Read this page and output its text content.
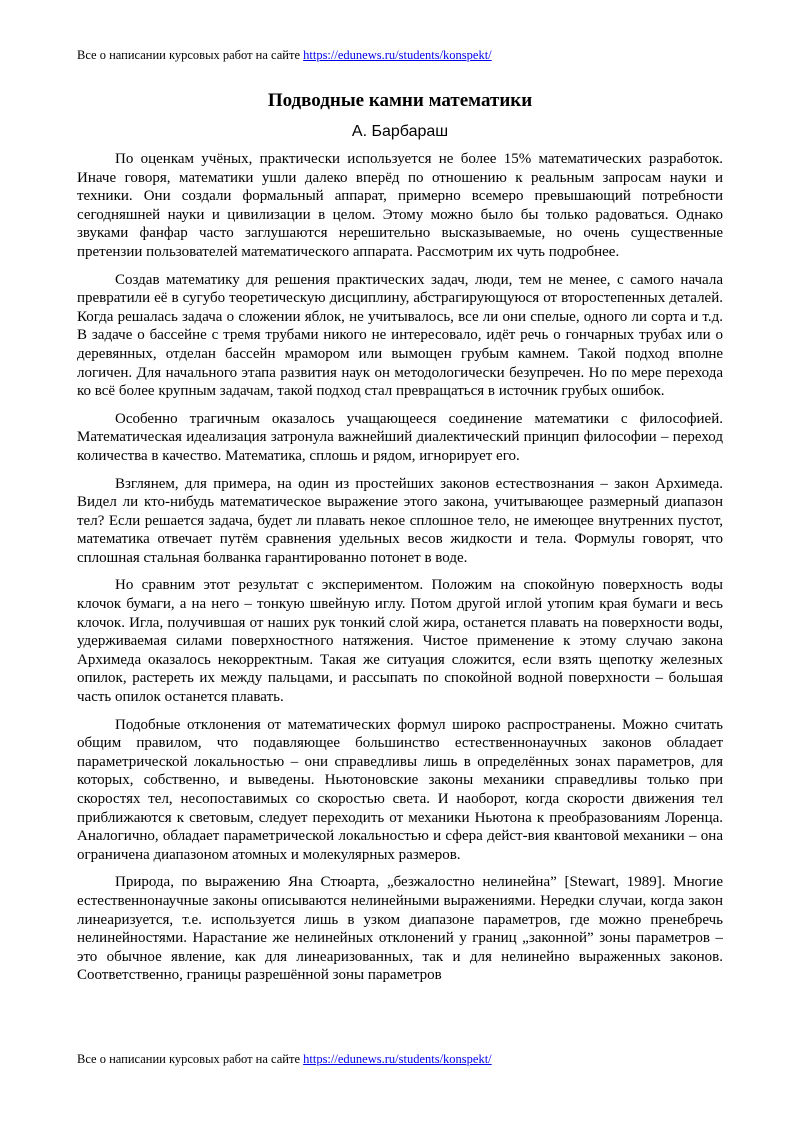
Все о написании курсовых работ на сайте https://edunews.ru/students/konspekt/
Подводные камни математики
А. Барбараш

По оценкам учёных, практически используется не более 15% математических разработок. Иначе говоря, математики ушли далеко вперёд по отношению к реальным запросам науки и техники. Они создали формальный аппарат, примерно всемеро превышающий потребности сегодняшней науки и цивилизации в целом. Этому можно было бы только радоваться. Однако звуками фанфар часто заглушаются нерешительно высказываемые, но очень существенные претензии пользователей математического аппарата. Рассмотрим их чуть подробнее.

Создав математику для решения практических задач, люди, тем не менее, с самого начала превратили её в сугубо теоретическую дисциплину, абстрагирующуюся от второстепенных деталей. Когда решалась задача о сложении яблок, не учитывалось, все ли они спелые, одного ли сорта и т.д. В задаче о бассейне с тремя трубами никого не интересовало, идёт речь о гончарных трубах или о деревянных, отделан бассейн мрамором или вымощен грубым камнем. Такой подход вполне логичен. Для начального этапа развития наук он методологически безупречен. Но по мере перехода ко всё более крупным задачам, такой подход стал превращаться в источник грубых ошибок.

Особенно трагичным оказалось учащающееся соединение математики с философией. Математическая идеализация затронула важнейший диалектический принцип философии – переход количества в качество. Математика, сплошь и рядом, игнорирует его.

Взглянем, для примера, на один из простейших законов естествознания – закон Архимеда. Видел ли кто-нибудь математическое выражение этого закона, учитывающее размерный диапазон тел? Если решается задача, будет ли плавать некое сплошное тело, не имеющее внутренних пустот, математика отвечает путём сравнения удельных весов жидкости и тела. Формулы говорят, что сплошная стальная болванка гарантированно потонет в воде.

Но сравним этот результат с экспериментом. Положим на спокойную поверхность воды клочок бумаги, а на него – тонкую швейную иглу. Потом другой иглой утопим края бумаги и весь клочок. Игла, получившая от наших рук тонкий слой жира, останется плавать на поверхности воды, удерживаемая силами поверхностного натяжения. Чистое применение к этому случаю закона Архимеда оказалось некорректным. Такая же ситуация сложится, если взять щепотку железных опилок, растереть их между пальцами, и рассыпать по спокойной водной поверхности – большая часть опилок останется плавать.

Подобные отклонения от математических формул широко распространены. Можно считать общим правилом, что подавляющее большинство естественнонаучных законов обладает параметрической локальностью – они справедливы лишь в определённых зонах параметров, для которых, собственно, и выведены. Ньютоновские законы механики справедливы только при скоростях тел, несопоставимых со скоростью света. И наоборот, когда скорости движения тел приближаются к световым, следует переходить от механики Ньютона к преобразованиям Лоренца. Аналогично, обладает параметрической локальностью и сфера дейст-вия квантовой механики – она ограничена диапазоном атомных и молекулярных размеров.

Природа, по выражению Яна Стюарта, „безжалостно нелинейна” [Stewart, 1989]. Многие естественнонаучные законы описываются нелинейными выражениями. Нередки случаи, когда закон линеаризуется, т.е. используется лишь в узком диапазоне параметров, где можно пренебречь нелинейностями. Нарастание же нелинейных отклонений у границ „законной” зоны параметров – это обычное явление, как для линеаризованных, так и для нелинейно выраженных законов. Соответственно, границы разрешённой зоны параметров

Все о написании курсовых работ на сайте https://edunews.ru/students/konspekt/
